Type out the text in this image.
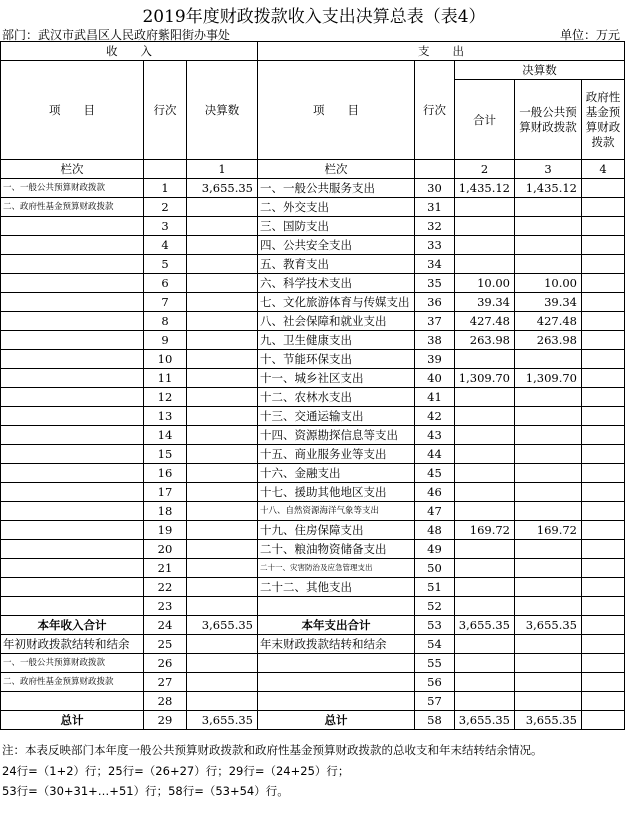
2019年度财政拨款收入支出决算总表（表4）
部门：武汉市武昌区人民政府紫阳街办事处	单位：万元
收　　入			支　　出				
项　　目	行次	决算数	项　　目	行次	决算数		
					合计	一般公共预算财政拨款	政府性基金预算财政拨款

栏次		1	栏次		2	3	4
一、一般公共预算财政拨款	1	3,655.35	一、一般公共服务支出	30	1,435.12	1,435.12	
二、政府性基金预算财政拨款	2		二、外交支出	31			
	3		三、国防支出	32			
	4		四、公共安全支出	33			
	5		五、教育支出	34			
	6		六、科学技术支出	35	10.00	10.00	
	7		七、文化旅游体育与传媒支出	36	39.34	39.34	
	8		八、社会保障和就业支出	37	427.48	427.48	
	9		九、卫生健康支出	38	263.98	263.98	
	10		十、节能环保支出	39			
	11		十一、城乡社区支出	40	1,309.70	1,309.70	
	12		十二、农林水支出	41			
	13		十三、交通运输支出	42			
	14		十四、资源勘探信息等支出	43			
	15		十五、商业服务业等支出	44			
	16		十六、金融支出	45			
	17		十七、援助其他地区支出	46			
	18		十八、自然资源海洋气象等支出	47			
	19		十九、住房保障支出	48	169.72	169.72	
	20		二十、粮油物资储备支出	49			
	21		二十一、灾害防治及应急管理支出	50			
	22		二十二、其他支出	51			
	23			52			
本年收入合计	24	3,655.35	本年支出合计	53	3,655.35	3,655.35	
年初财政拨款结转和结余	25		年末财政拨款结转和结余	54			
一、一般公共预算财政拨款	26			55			
二、政府性基金预算财政拨款	27			56			
	28			57			
总计	29	3,655.35	总计	58	3,655.35	3,655.35	
注：本表反映部门本年度一般公共预算财政拨款和政府性基金预算财政拨款的总收支和年末结转结余情况。
24行=（1+2）行；25行=（26+27）行；29行=（24+25）行；
53行=（30+31+…+51）行；58行=（53+54）行。
